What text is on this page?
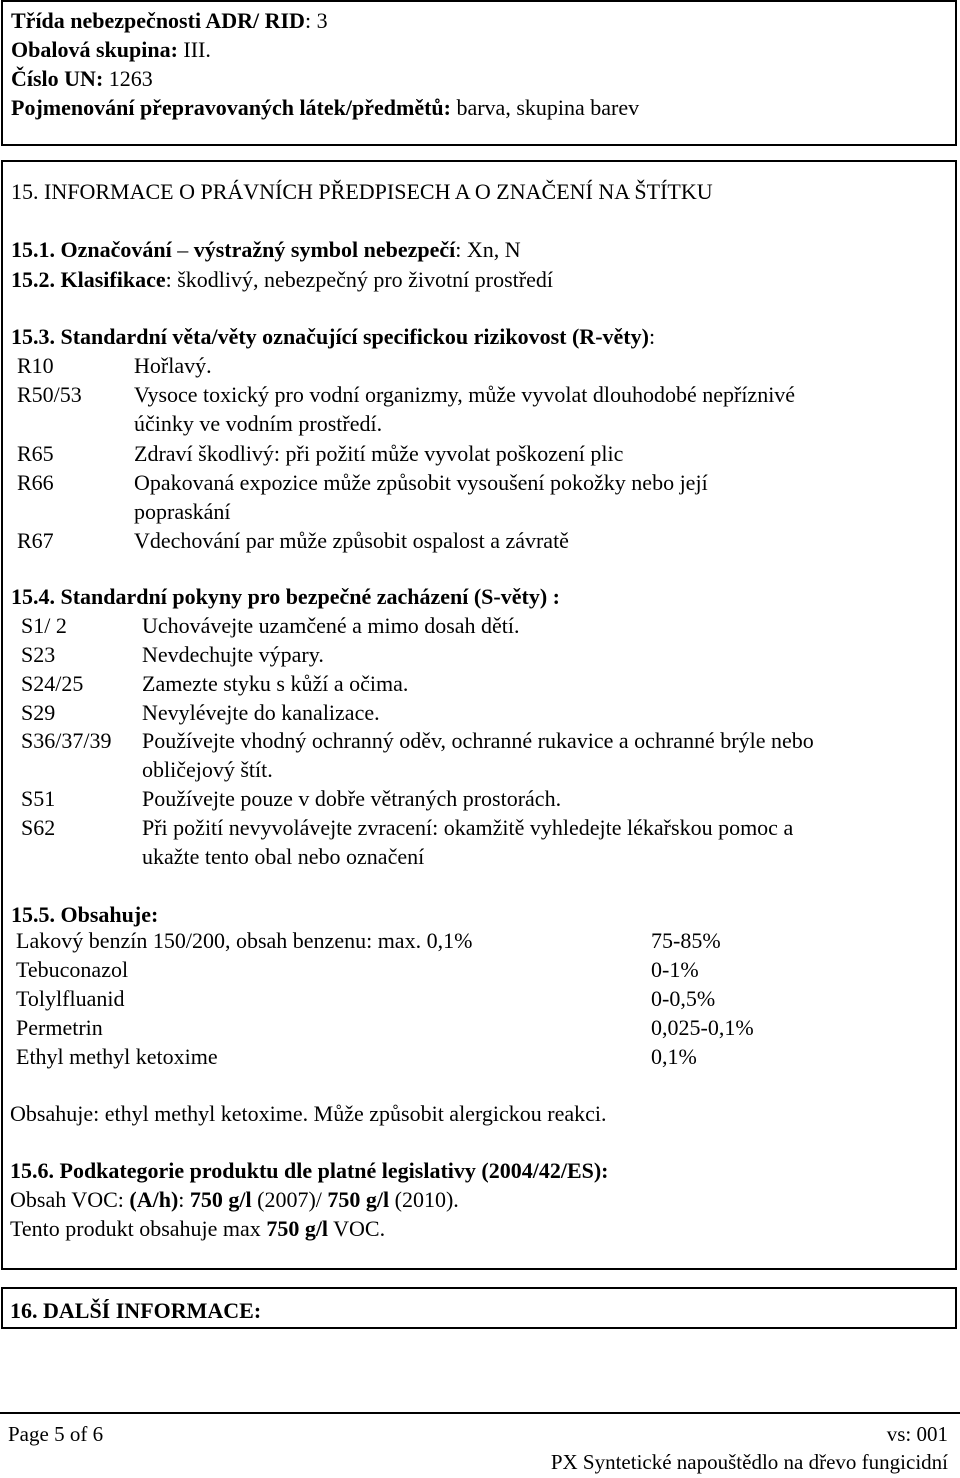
Třída nebezpečnosti ADR/ RID: 3
Obalová skupina: III.
Číslo UN: 1263
Pojmenování přepravovaných látek/předmětů: barva, skupina barev
15. INFORMACE O PRÁVNÍCH PŘEDPISECH A O ZNAČENÍ NA ŠTÍTKU
15.1. Označování – výstražný symbol nebezpečí: Xn, N
15.2. Klasifikace: škodlivý, nebezpečný pro životní prostředí
15.3. Standardní věta/věty označující specifickou rizikovost (R-věty):
R10	Hořlavý.
R50/53 Vysoce toxický pro vodní organizmy, může vyvolat dlouhodobé nepříznivé
účinky ve vodním prostředí.
R65	Zdraví škodlivý: při požití může vyvolat poškození plic
R66	Opakovaná expozice může způsobit vysoušení pokožky nebo její
popraskání
R67	Vdechování par může způsobit ospalost a závratě
15.4. Standardní pokyny pro bezpečné zacházení (S-věty) :
S1/ 2	Uchovávejte uzamčené a mimo dosah dětí.
S23	Nevdechujte výpary.
S24/25	Zamezte styku s kůží a očima.
S29	Nevylévejte do kanalizace.
S36/37/39 Používejte vhodný ochranný oděv, ochranné rukavice a ochranné brýle nebo
obličejový štít.
S51	Používejte pouze v dobře větraných prostorách.
S62	Při požití nevyvolávejte zvracení: okamžitě vyhledejte lékařskou pomoc a
ukažte tento obal nebo označení
15.5. Obsahuje:
Lakový benzín 150/200, obsah benzenu: max. 0,1%	75-85%
Tebuconazol	0-1%
Tolylfluanid	0-0,5%
Permetrin	0,025-0,1%
Ethyl methyl ketoxime	0,1%
Obsahuje: ethyl methyl ketoxime. Může způsobit alergickou reakci.
15.6. Podkategorie produktu dle platné legislativy (2004/42/ES):
Obsah VOC: (A/h): 750 g/l (2007)/ 750 g/l (2010).
Tento produkt obsahuje max 750 g/l VOC.
16. DALŠÍ INFORMACE:
Page 5 of 6	vs: 001
PX Syntetické napouštědlo na dřevo fungicidní
